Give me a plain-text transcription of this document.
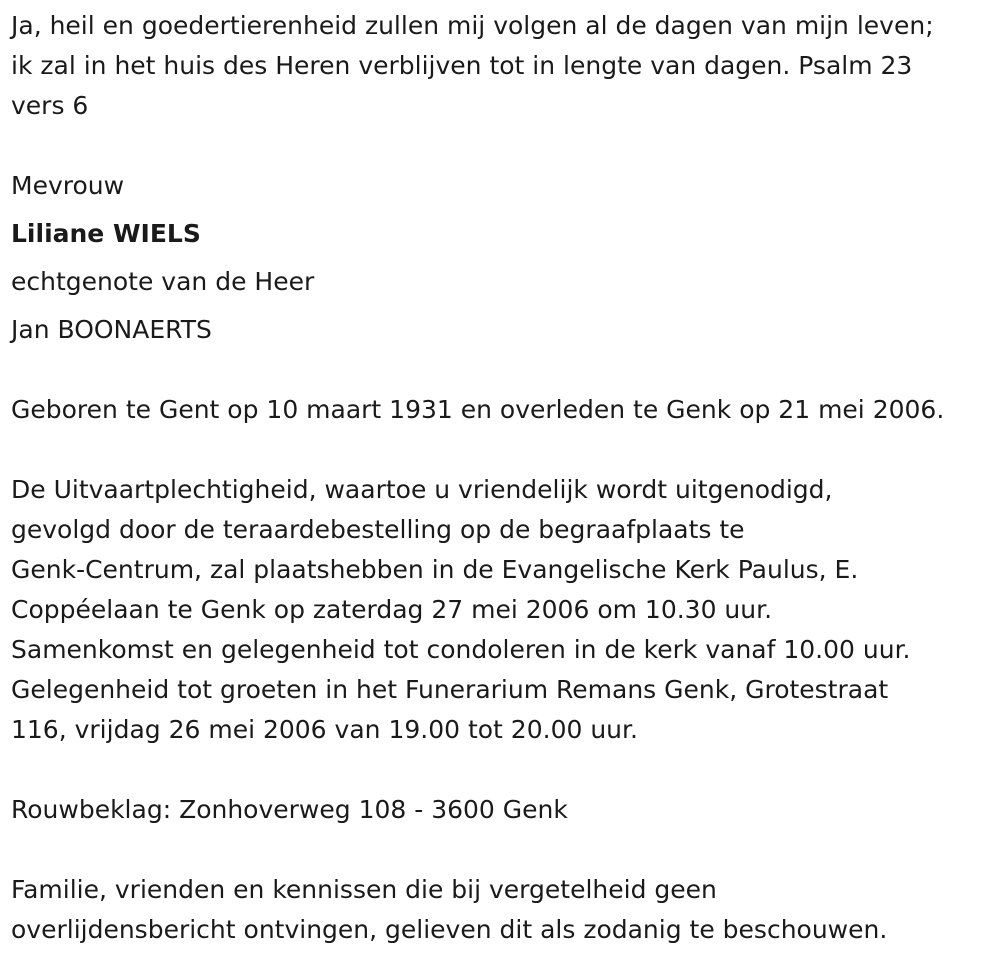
Ja, heil en goedertierenheid zullen mij volgen al de dagen van mijn leven;
ik zal in het huis des Heren verblijven tot in lengte van dagen. Psalm 23
vers 6
Mevrouw
Liliane WIELS
echtgenote van de Heer
Jan BOONAERTS
Geboren te Gent op 10 maart 1931 en overleden te Genk op 21 mei 2006.
De Uitvaartplechtigheid, waartoe u vriendelijk wordt uitgenodigd,
gevolgd door de teraardebestelling op de begraafplaats te
Genk-Centrum, zal plaatshebben in de Evangelische Kerk Paulus, E.
Coppéelaan te Genk op zaterdag 27 mei 2006 om 10.30 uur.
Samenkomst en gelegenheid tot condoleren in de kerk vanaf 10.00 uur.
Gelegenheid tot groeten in het Funerarium Remans Genk, Grotestraat
116, vrijdag 26 mei 2006 van 19.00 tot 20.00 uur.
Rouwbeklag: Zonhoverweg 108 - 3600 Genk
Familie, vrienden en kennissen die bij vergetelheid geen
overlijdensbericht ontvingen, gelieven dit als zodanig te beschouwen.
